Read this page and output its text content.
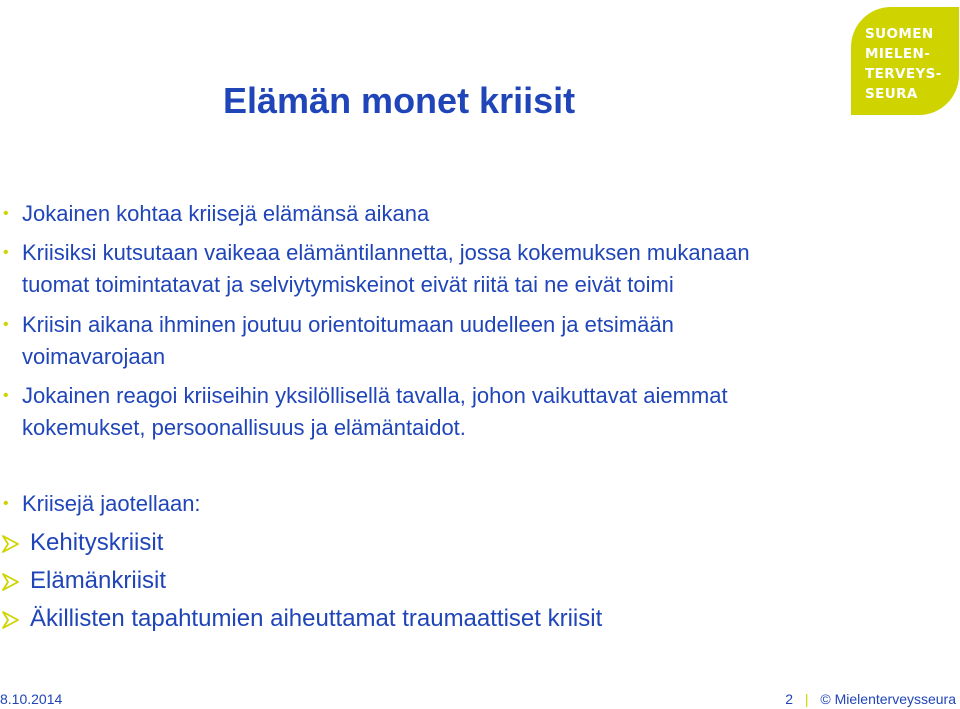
Elämän monet kriisit
SUOMEN
MIELEN-
TERVEYS-
SEURA
• Jokainen kohtaa kriisejä elämänsä aikana
• Kriisiksi kutsutaan vaikeaa elämäntilannetta, jossa kokemuksen mukanaan
tuomat toimintatavat ja selviytymiskeinot eivät riitä tai ne eivät toimi
• Kriisin aikana ihminen joutuu orientoitumaan uudelleen ja etsimään
voimavarojaan
• Jokainen reagoi kriiseihin yksilöllisellä tavalla, johon vaikuttavat aiemmat
kokemukset, persoonallisuus ja elämäntaidot.
• Kriisejä jaotellaan:
Kehityskriisit
Elämänkriisit
Äkillisten tapahtumien aiheuttamat traumaattiset kriisit
8.10.2014	2 | © Mielenterveysseura
